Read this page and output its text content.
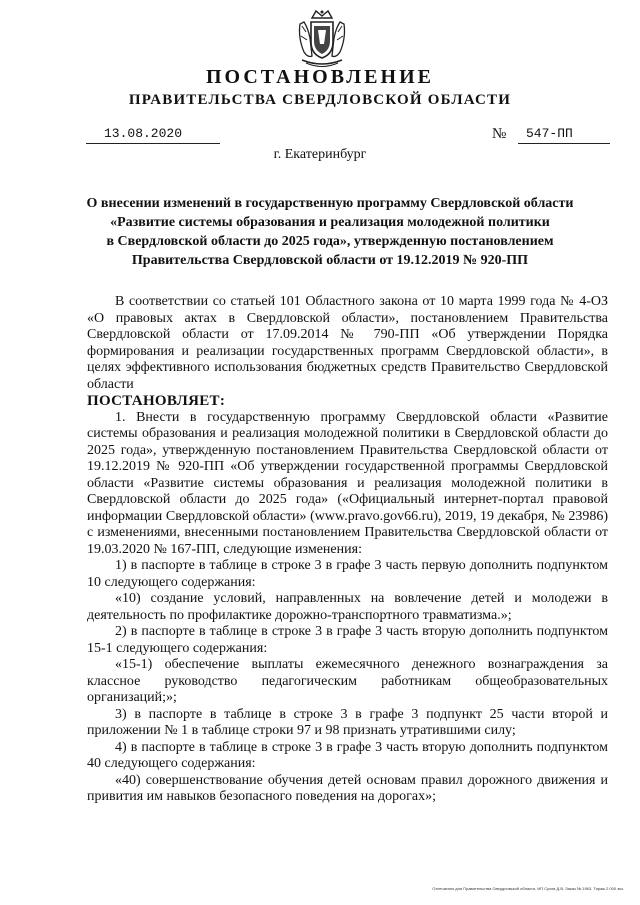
ПОСТАНОВЛЕНИЕ
ПРАВИТЕЛЬСТВА СВЕРДЛОВСКОЙ ОБЛАСТИ
13.08.2020	№	547-ПП
г. Екатеринбург
О внесении изменений в государственную программу Свердловской области
«Развитие системы образования и реализация молодежной политики
в Свердловской области до 2025 года», утвержденную постановлением
Правительства Свердловской области от 19.12.2019 № 920-ПП

В соответствии со статьей 101 Областного закона от 10 марта 1999 года № 4-ОЗ «О правовых актах в Свердловской области», постановлением Правительства Свердловской области от 17.09.2014 № 790-ПП «Об утверждении Порядка формирования и реализации государственных программ Свердловской области», в целях эффективного использования бюджетных средств Правительство Свердловской области

ПОСТАНОВЛЯЕТ:

1. Внести в государственную программу Свердловской области «Развитие системы образования и реализация молодежной политики в Свердловской области до 2025 года», утвержденную постановлением Правительства Свердловской области от 19.12.2019 № 920-ПП «Об утверждении государственной программы Свердловской области «Развитие системы образования и реализация молодежной политики в Свердловской области до 2025 года» («Официальный интернет-портал правовой информации Свердловской области» (www.pravo.gov66.ru), 2019, 19 декабря, № 23986) с изменениями, внесенными постановлением Правительства Свердловской области от 19.03.2020 № 167-ПП, следующие изменения:

1) в паспорте в таблице в строке 3 в графе 3 часть первую дополнить подпунктом 10 следующего содержания:

«10) создание условий, направленных на вовлечение детей и молодежи в деятельность по профилактике дорожно-транспортного травматизма.»;

2) в паспорте в таблице в строке 3 в графе 3 часть вторую дополнить подпунктом 15-1 следующего содержания:

«15-1) обеспечение выплаты ежемесячного денежного вознаграждения за классное руководство педагогическим работникам общеобразовательных организаций;»;

3) в паспорте в таблице в строке 3 в графе 3 подпункт 25 части второй и приложении № 1 в таблице строки 97 и 98 признать утратившими силу;

4) в паспорте в таблице в строке 3 в графе 3 часть вторую дополнить подпунктом 40 следующего содержания:

«40) совершенствование обучения детей основам правил дорожного движения и привития им навыков безопасного поведения на дорогах»;

Отпечатано для Правительства Свердловской области, ИП Сухов Д.В. Заказ № 1963. Тираж 2 000 экз.
